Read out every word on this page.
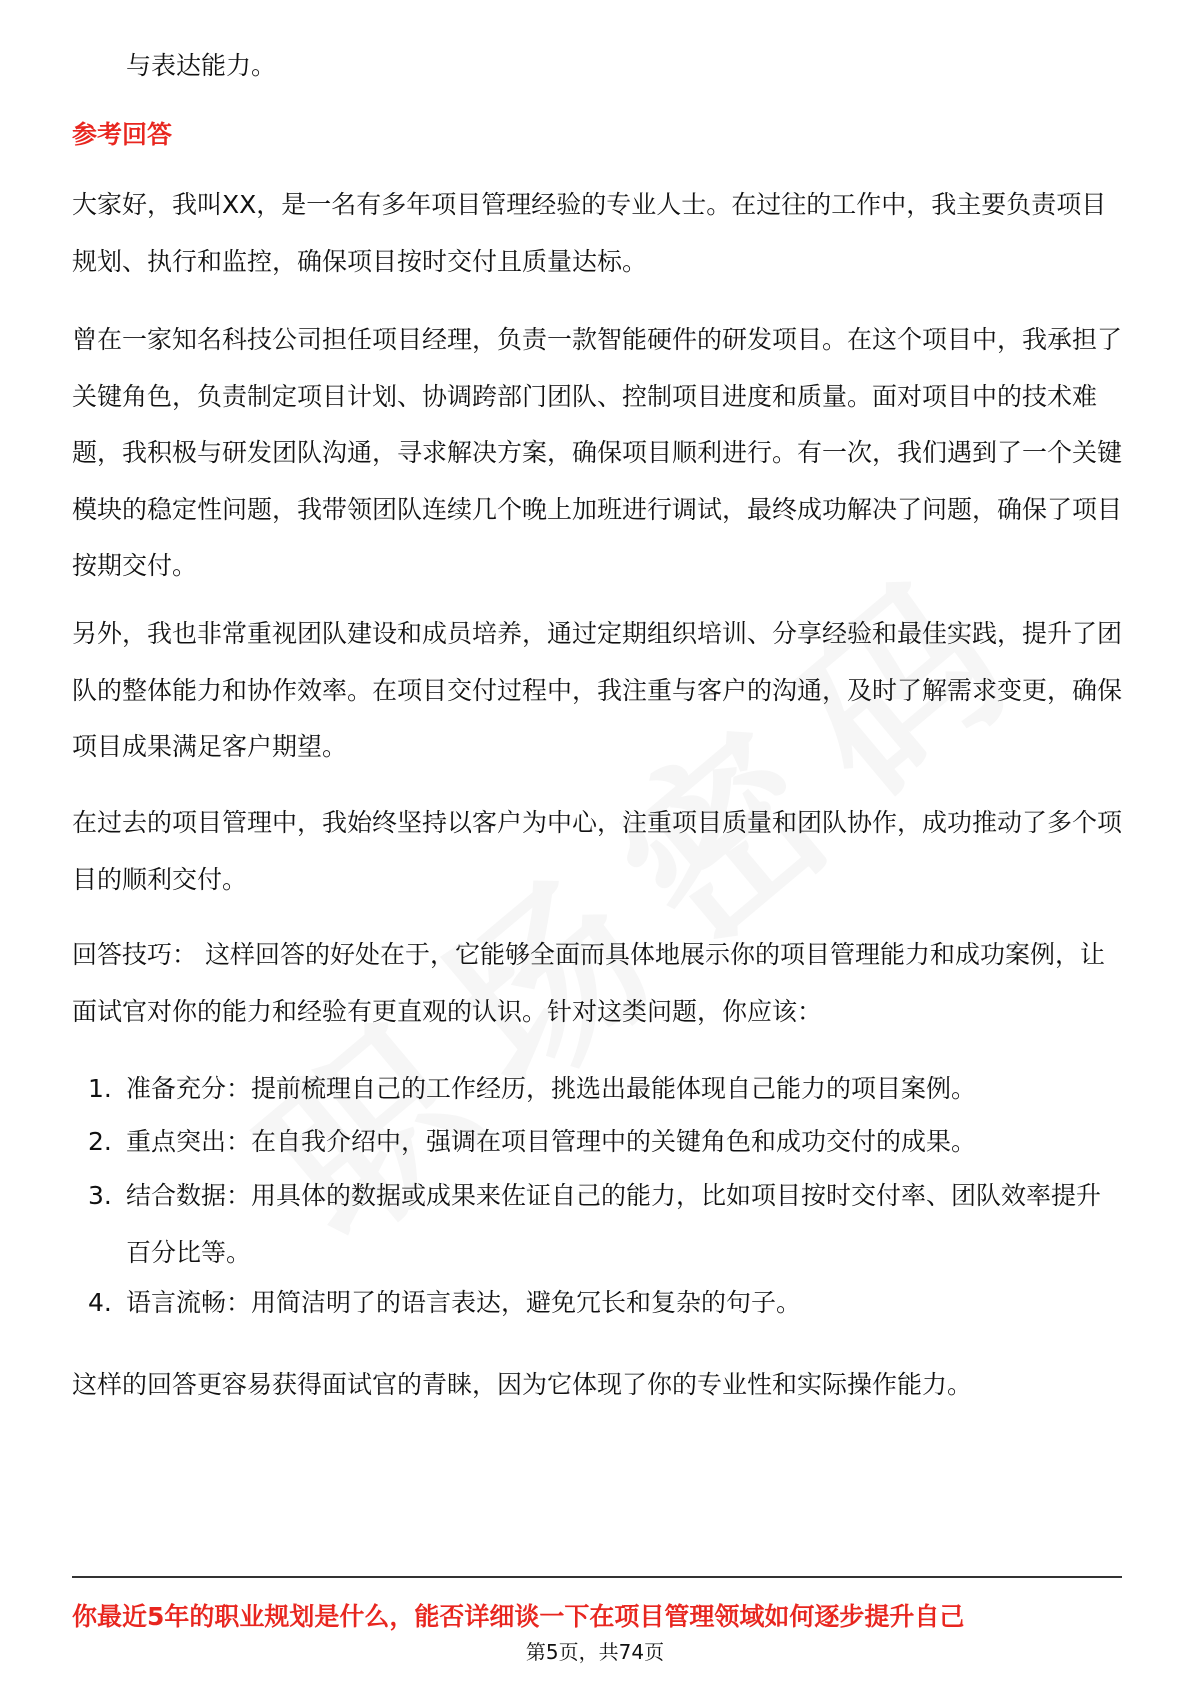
与表达能力。
参考回答
大家好，我叫XX，是一名有多年项目管理经验的专业人士。在过往的工作中，我主要负责项目规划、执行和监控，确保项目按时交付且质量达标。
曾在一家知名科技公司担任项目经理，负责一款智能硬件的研发项目。在这个项目中，我承担了关键角色，负责制定项目计划、协调跨部门团队、控制项目进度和质量。面对项目中的技术难题，我积极与研发团队沟通，寻求解决方案，确保项目顺利进行。有一次，我们遇到了一个关键模块的稳定性问题，我带领团队连续几个晚上加班进行调试，最终成功解决了问题，确保了项目按期交付。
另外，我也非常重视团队建设和成员培养，通过定期组织培训、分享经验和最佳实践，提升了团队的整体能力和协作效率。在项目交付过程中，我注重与客户的沟通，及时了解需求变更，确保项目成果满足客户期望。
在过去的项目管理中，我始终坚持以客户为中心，注重项目质量和团队协作，成功推动了多个项目的顺利交付。
回答技巧： 这样回答的好处在于，它能够全面而具体地展示你的项目管理能力和成功案例，让面试官对你的能力和经验有更直观的认识。针对这类问题，你应该：
1. 准备充分：提前梳理自己的工作经历，挑选出最能体现自己能力的项目案例。
2. 重点突出：在自我介绍中，强调在项目管理中的关键角色和成功交付的成果。
3. 结合数据：用具体的数据或成果来佐证自己的能力，比如项目按时交付率、团队效率提升百分比等。
4. 语言流畅：用简洁明了的语言表达，避免冗长和复杂的句子。
这样的回答更容易获得面试官的青睐，因为它体现了你的专业性和实际操作能力。
你最近5年的职业规划是什么，能否详细谈一下在项目管理领域如何逐步提升自己
第5页，共74页
